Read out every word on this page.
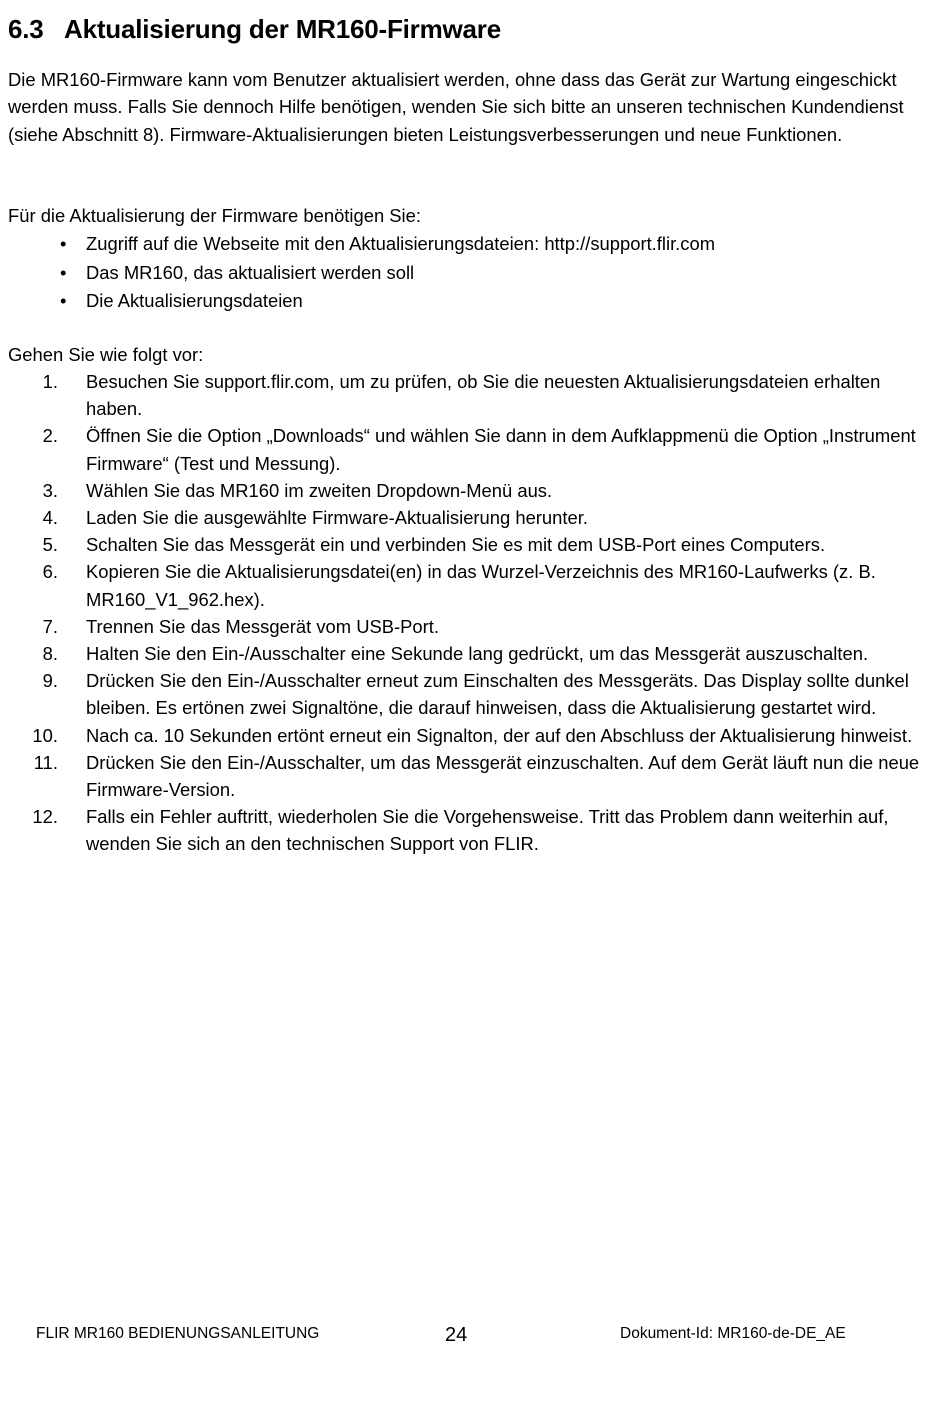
6.3 Aktualisierung der MR160-Firmware
Die MR160-Firmware kann vom Benutzer aktualisiert werden, ohne dass das Gerät zur Wartung eingeschickt werden muss. Falls Sie dennoch Hilfe benötigen, wenden Sie sich bitte an unseren technischen Kundendienst (siehe Abschnitt 8). Firmware-Aktualisierungen bieten Leistungsverbesserungen und neue Funktionen.
Für die Aktualisierung der Firmware benötigen Sie:
• Zugriff auf die Webseite mit den Aktualisierungsdateien: http://support.flir.com
• Das MR160, das aktualisiert werden soll
• Die Aktualisierungsdateien
Gehen Sie wie folgt vor:
1. Besuchen Sie support.flir.com, um zu prüfen, ob Sie die neuesten Aktualisierungsdateien erhalten haben.
2. Öffnen Sie die Option „Downloads“ und wählen Sie dann in dem Aufklappmenü die Option „Instrument Firmware“ (Test und Messung).
3. Wählen Sie das MR160 im zweiten Dropdown-Menü aus.
4. Laden Sie die ausgewählte Firmware-Aktualisierung herunter.
5. Schalten Sie das Messgerät ein und verbinden Sie es mit dem USB-Port eines Computers.
6. Kopieren Sie die Aktualisierungsdatei(en) in das Wurzel-Verzeichnis des MR160-Laufwerks (z. B. MR160_V1_962.hex).
7. Trennen Sie das Messgerät vom USB-Port.
8. Halten Sie den Ein-/Ausschalter eine Sekunde lang gedrückt, um das Messgerät auszuschalten.
9. Drücken Sie den Ein-/Ausschalter erneut zum Einschalten des Messgeräts. Das Display sollte dunkel bleiben. Es ertönen zwei Signaltöne, die darauf hinweisen, dass die Aktualisierung gestartet wird.
10. Nach ca. 10 Sekunden ertönt erneut ein Signalton, der auf den Abschluss der Aktualisierung hinweist.
11. Drücken Sie den Ein-/Ausschalter, um das Messgerät einzuschalten. Auf dem Gerät läuft nun die neue Firmware-Version.
12. Falls ein Fehler auftritt, wiederholen Sie die Vorgehensweise. Tritt das Problem dann weiterhin auf, wenden Sie sich an den technischen Support von FLIR.
FLIR MR160 BEDIENUNGSANLEITUNG	24	Dokument-Id: MR160-de-DE_AE
